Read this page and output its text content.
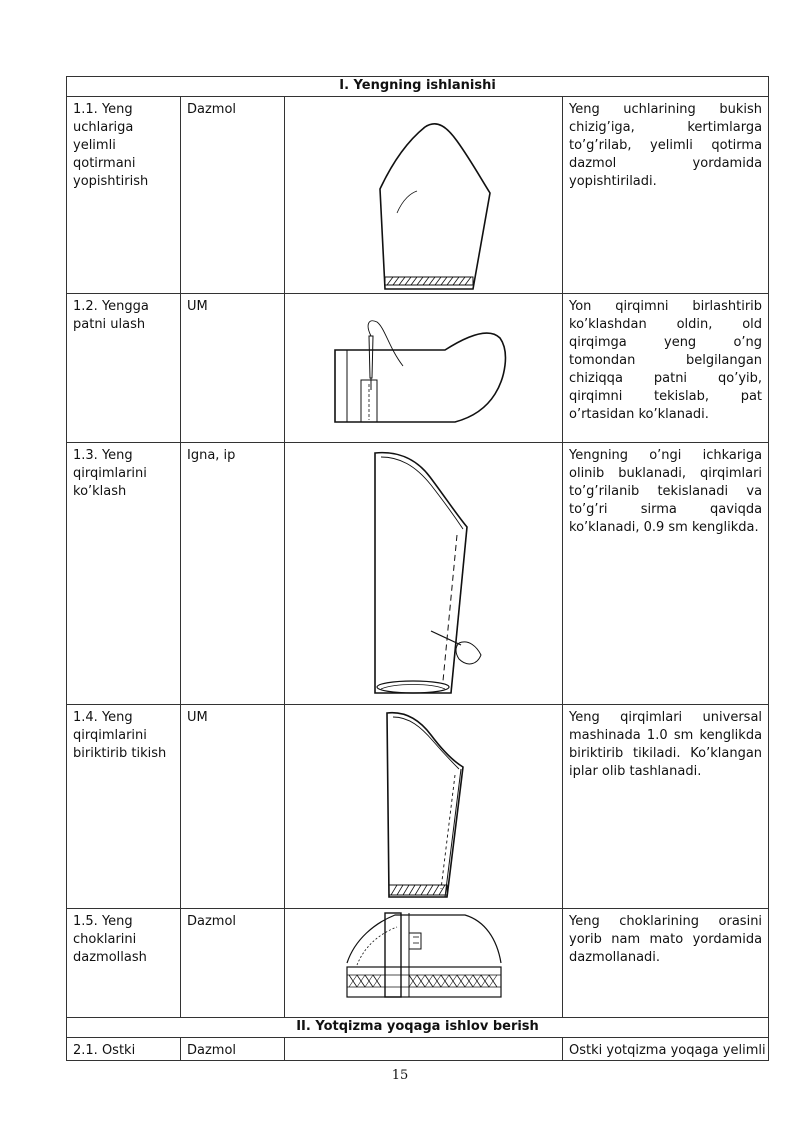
I. Yengning ishlanishi			
1.1. Yeng uchlariga yelimli qotirmani yopishtirish	Dazmol		Yeng uchlarining bukish chizig’iga, kertimlarga to’g’rilab, yelimli qotirma dazmol yordamida yopishtiriladi.
1.2. Yengga patni ulash	UM		Yon qirqimni birlashtirib ko’klashdan oldin, old qirqimga yeng o’ng tomondan belgilangan chiziqqa patni qo’yib, qirqimni tekislab, pat o’rtasidan ko’klanadi.
1.3. Yeng qirqimlarini ko’klash	Igna, ip		Yengning o’ngi ichkariga olinib buklanadi, qirqimlari to’g’rilanib tekislanadi va to’g’ri sirma qaviqda ko’klanadi, 0.9 sm kenglikda.
1.4. Yeng qirqimlarini biriktirib tikish	UM		Yeng qirqimlari universal mashinada 1.0 sm kenglikda biriktirib tikiladi. Ko’klangan iplar olib tashlanadi.
1.5. Yeng choklarini dazmollash	Dazmol		Yeng choklarining orasini yorib nam mato yordamida dazmollanadi.
II. Yotqizma yoqaga ishlov berish			
2.1. Ostki	Dazmol		Ostki yotqizma yoqaga yelimli
15
